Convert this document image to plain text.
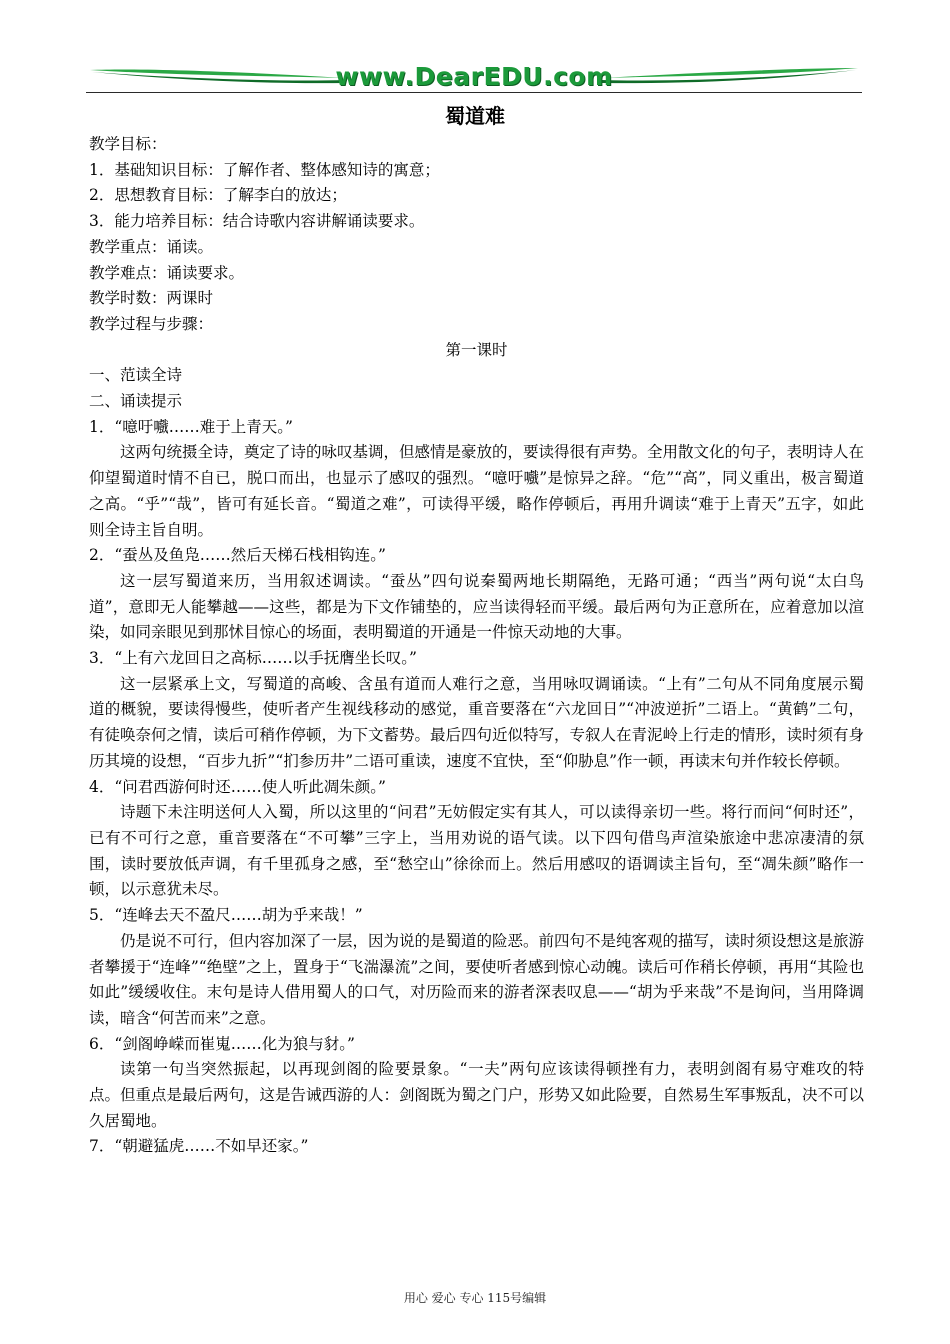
www.DearEDU.com
蜀道难

教学目标：

1．基础知识目标：了解作者、整体感知诗的寓意；

2．思想教育目标：了解李白的放达；

3．能力培养目标：结合诗歌内容讲解诵读要求。

教学重点：诵读。

教学难点：诵读要求。

教学时数：两课时

教学过程与步骤：

第一课时

一、范读全诗

二、诵读提示

1．“噫吁嚱……难于上青天。”

这两句统摄全诗，奠定了诗的咏叹基调，但感情是豪放的，要读得很有声势。全用散文化的句子，表明诗人在仰望蜀道时情不自已，脱口而出，也显示了感叹的强烈。“噫吁嚱”是惊异之辞。“危”“高”，同义重出，极言蜀道之高。“乎”“哉”，皆可有延长音。“蜀道之难”，可读得平缓，略作停顿后，再用升调读“难于上青天”五字，如此则全诗主旨自明。

2．“蚕丛及鱼凫……然后天梯石栈相钩连。”

这一层写蜀道来历，当用叙述调读。“蚕丛”四句说秦蜀两地长期隔绝，无路可通；“西当”两句说“太白鸟道”，意即无人能攀越——这些，都是为下文作铺垫的，应当读得轻而平缓。最后两句为正意所在，应着意加以渲染，如同亲眼见到那怵目惊心的场面，表明蜀道的开通是一件惊天动地的大事。

3．“上有六龙回日之高标……以手抚膺坐长叹。”

这一层紧承上文，写蜀道的高峻、含虽有道而人难行之意，当用咏叹调诵读。“上有”二句从不同角度展示蜀道的概貌，要读得慢些，使听者产生视线移动的感觉，重音要落在“六龙回日”“冲波逆折”二语上。“黄鹤”二句，有徒唤奈何之情，读后可稍作停顿，为下文蓄势。最后四句近似特写，专叙人在青泥岭上行走的情形，读时须有身历其境的设想，“百步九折”“扪参历井”二语可重读，速度不宜快，至“仰胁息”作一顿，再读末句并作较长停顿。

4．“问君西游何时还……使人听此凋朱颜。”

诗题下未注明送何人入蜀，所以这里的“问君”无妨假定实有其人，可以读得亲切一些。将行而问“何时还”，已有不可行之意，重音要落在“不可攀”三字上，当用劝说的语气读。以下四句借鸟声渲染旅途中悲凉凄清的氛围，读时要放低声调，有千里孤身之感，至“愁空山”徐徐而上。然后用感叹的语调读主旨句，至“凋朱颜”略作一顿，以示意犹未尽。

5．“连峰去天不盈尺……胡为乎来哉！”

仍是说不可行，但内容加深了一层，因为说的是蜀道的险恶。前四句不是纯客观的描写，读时须设想这是旅游者攀援于“连峰”“绝壁”之上，置身于“飞湍瀑流”之间，要使听者感到惊心动魄。读后可作稍长停顿，再用“其险也如此”缓缓收住。末句是诗人借用蜀人的口气，对历险而来的游者深表叹息——“胡为乎来哉”不是询问，当用降调读，暗含“何苦而来”之意。

6．“剑阁峥嵘而崔嵬……化为狼与豺。”

读第一句当突然振起，以再现剑阁的险要景象。“一夫”两句应该读得顿挫有力，表明剑阁有易守难攻的特点。但重点是最后两句，这是告诫西游的人：剑阁既为蜀之门户，形势又如此险要，自然易生军事叛乱，决不可以久居蜀地。

7．“朝避猛虎……不如早还家。”

用心 爱心 专心 115号编辑
